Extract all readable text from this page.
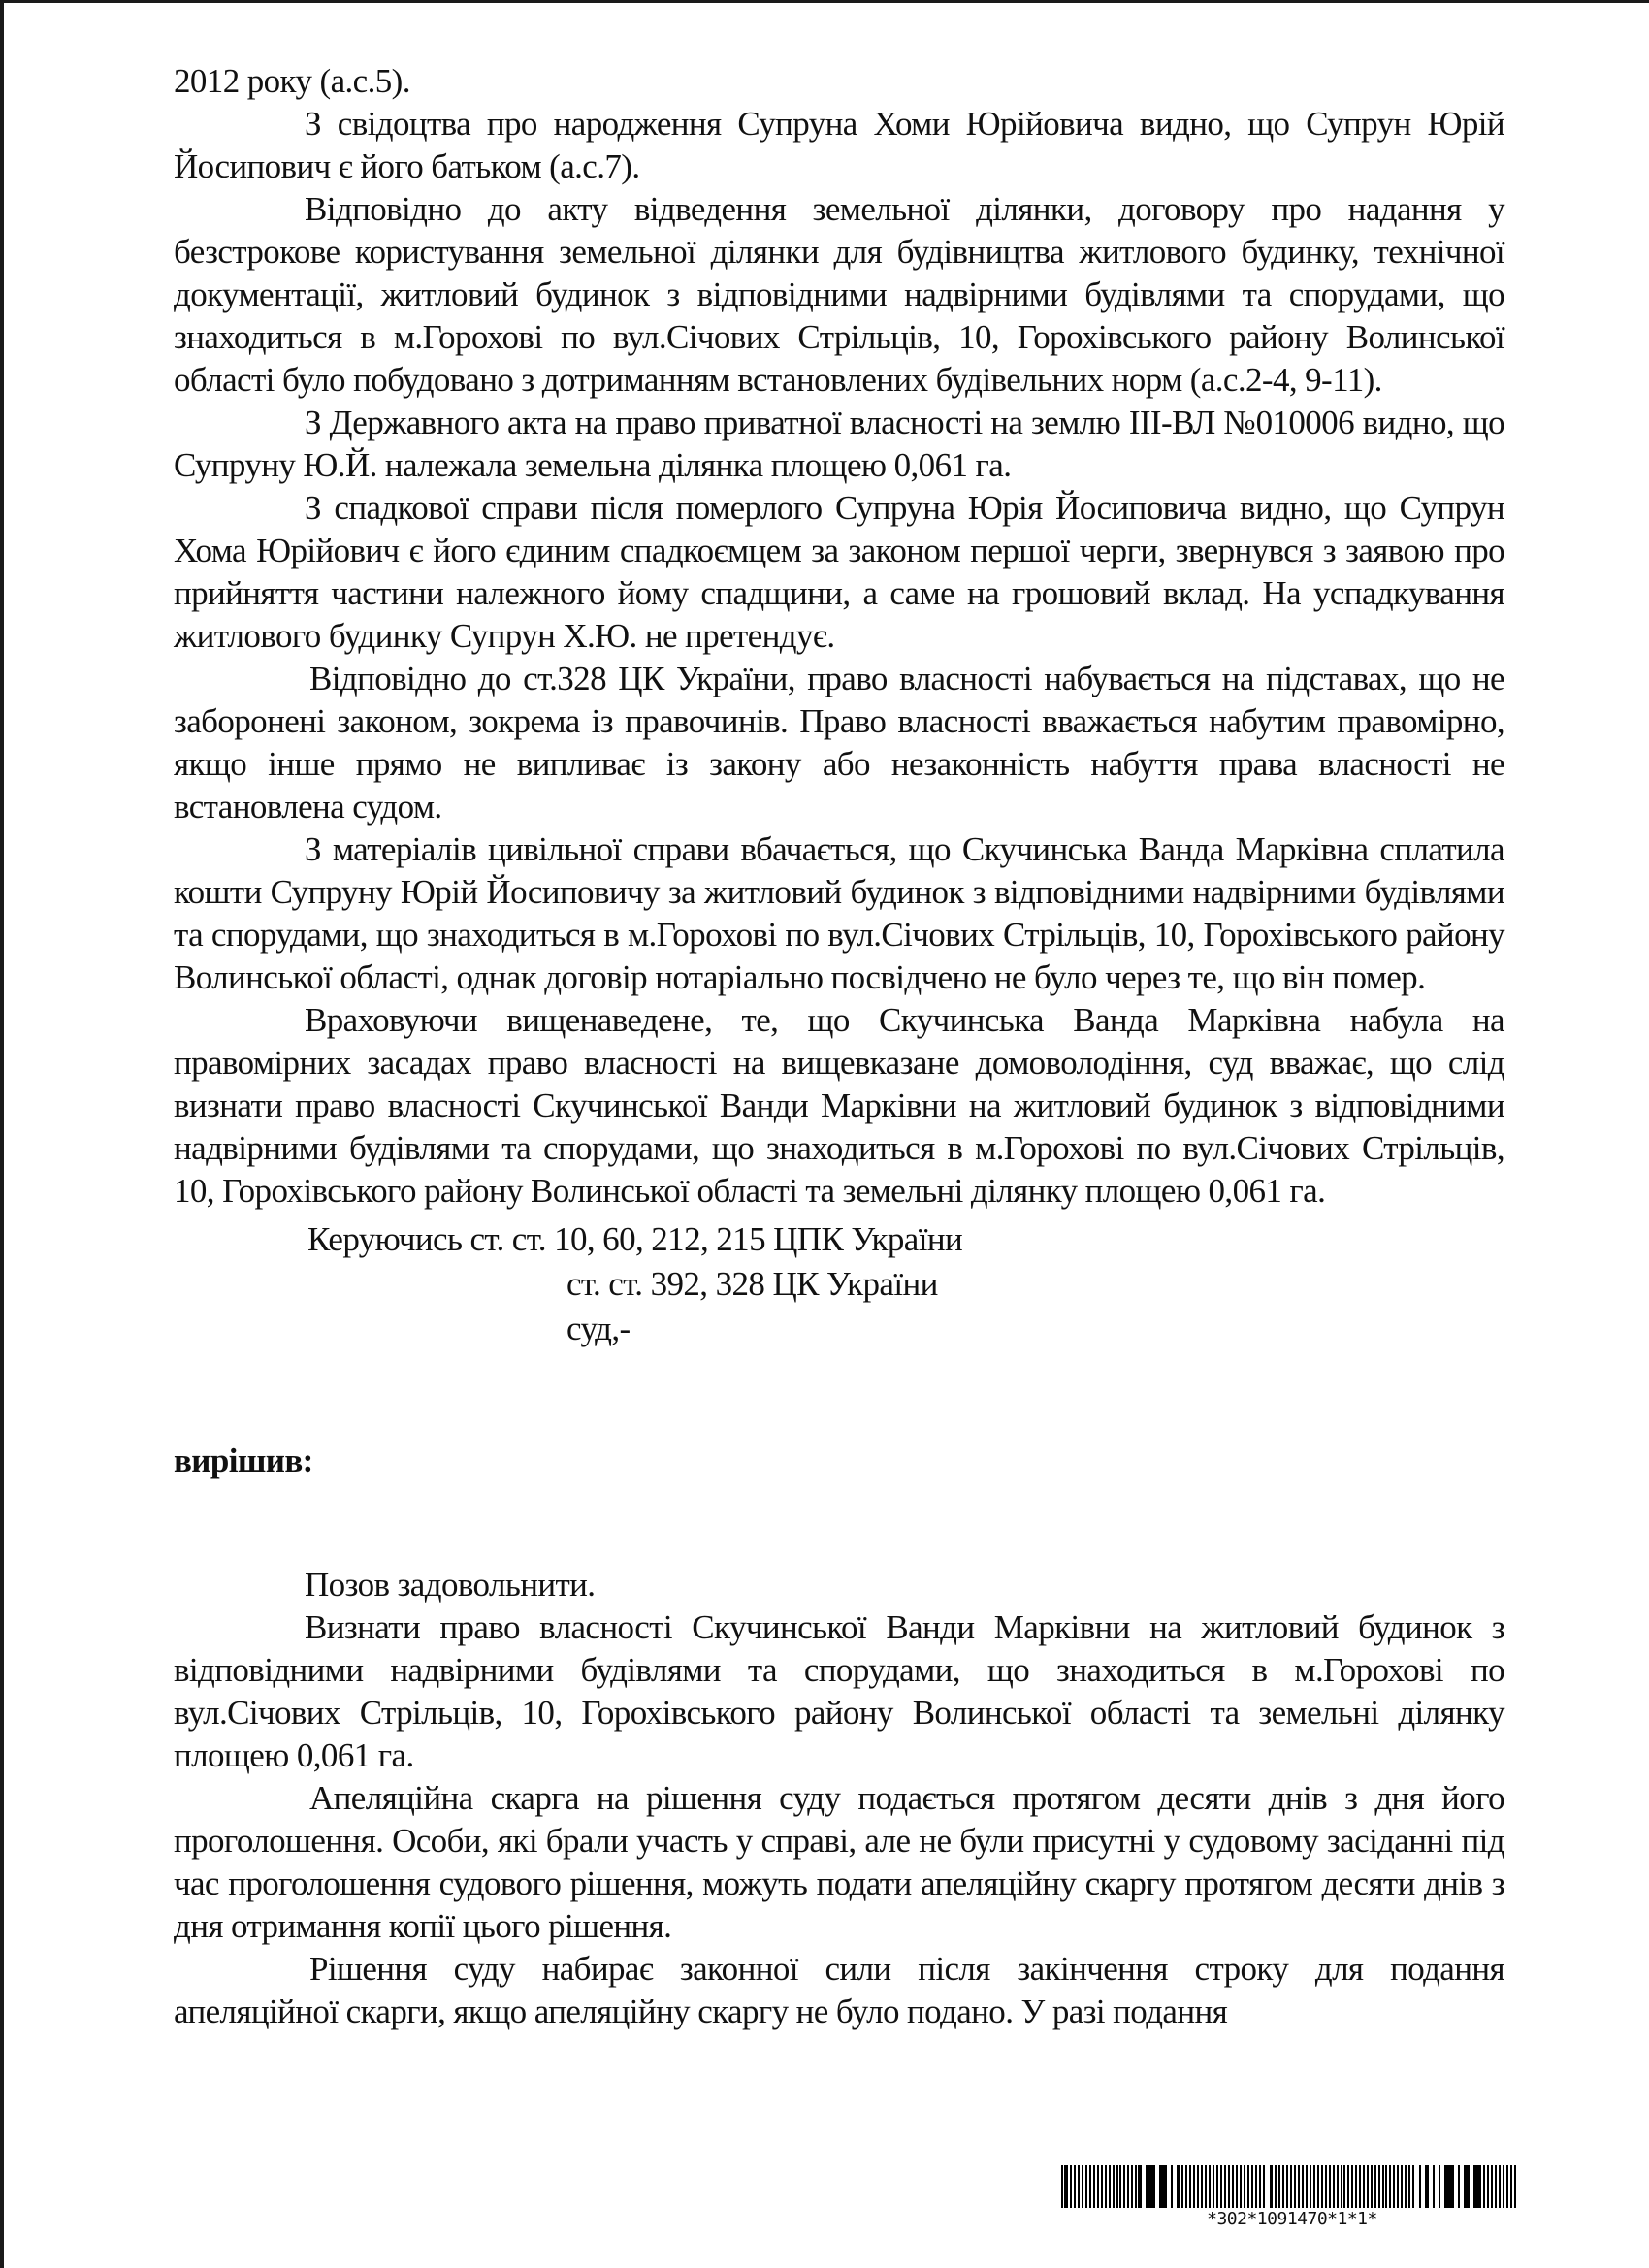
2012 року (а.с.5).

З свідоцтва про народження Супруна Хоми Юрійовича видно, що Супрун Юрій Йосипович є його батьком (а.с.7).

Відповідно до акту відведення земельної ділянки, договору про надання у безстрокове користування земельної ділянки для будівництва житлового будинку, технічної документації, житловий будинок з відповідними надвірними будівлями та спорудами, що знаходиться в м.Горохові по вул.Січових Стрільців, 10, Горохівського району Волинської області було побудовано з дотриманням встановлених будівельних норм (а.с.2-4, 9-11).

З Державного акта на право приватної власності на землю ІІІ-ВЛ №010006 видно, що Супруну Ю.Й. належала земельна ділянка площею 0,061 га.

З спадкової справи після померлого Супруна Юрія Йосиповича видно, що Супрун Хома Юрійович є його єдиним спадкоємцем за законом першої черги, звернувся з заявою про прийняття частини належного йому спадщини, а саме на грошовий вклад. На успадкування житлового будинку Супрун Х.Ю. не претендує.

Відповідно до ст.328 ЦК України, право власності набувається на підставах, що не заборонені законом, зокрема із правочинів. Право власності вважається набутим правомірно, якщо інше прямо не випливає із закону або незаконність набуття права власності не встановлена судом.

З матеріалів цивільної справи вбачається, що Скучинська Ванда Марківна сплатила кошти Супруну Юрій Йосиповичу за житловий будинок з відповідними надвірними будівлями та спорудами, що знаходиться в м.Горохові по вул.Січових Стрільців, 10, Горохівського району Волинської області, однак договір нотаріально посвідчено не було через те, що він помер.

Враховуючи вищенаведене, те, що Скучинська Ванда Марківна набула на правомірних засадах право власності на вищевказане домоволодіння, суд вважає, що слід визнати право власності Скучинської Ванди Марківни на житловий будинок з відповідними надвірними будівлями та спорудами, що знаходиться в м.Горохові по вул.Січових Стрільців, 10, Горохівського району Волинської області та земельні ділянку площею 0,061 га.

Керуючись ст. ст. 10, 60, 212, 215 ЦПК України

ст. ст. 392, 328 ЦК України

суд,-

вирішив:

Позов задовольнити.

Визнати право власності Скучинської Ванди Марківни на житловий будинок з відповідними надвірними будівлями та спорудами, що знаходиться в м.Горохові по вул.Січових Стрільців, 10, Горохівського району Волинської області та земельні ділянку площею 0,061 га.

Апеляційна скарга на рішення суду подається протягом десяти днів з дня його проголошення. Особи, які брали участь у справі, але не були присутні у судовому засіданні під час проголошення судового рішення, можуть подати апеляційну скаргу протягом десяти днів з дня отримання копії цього рішення.

Рішення суду набирає законної сили після закінчення строку для подання апеляційної скарги, якщо апеляційну скаргу не було подано. У разі подання

*302*1091470*1*1*
